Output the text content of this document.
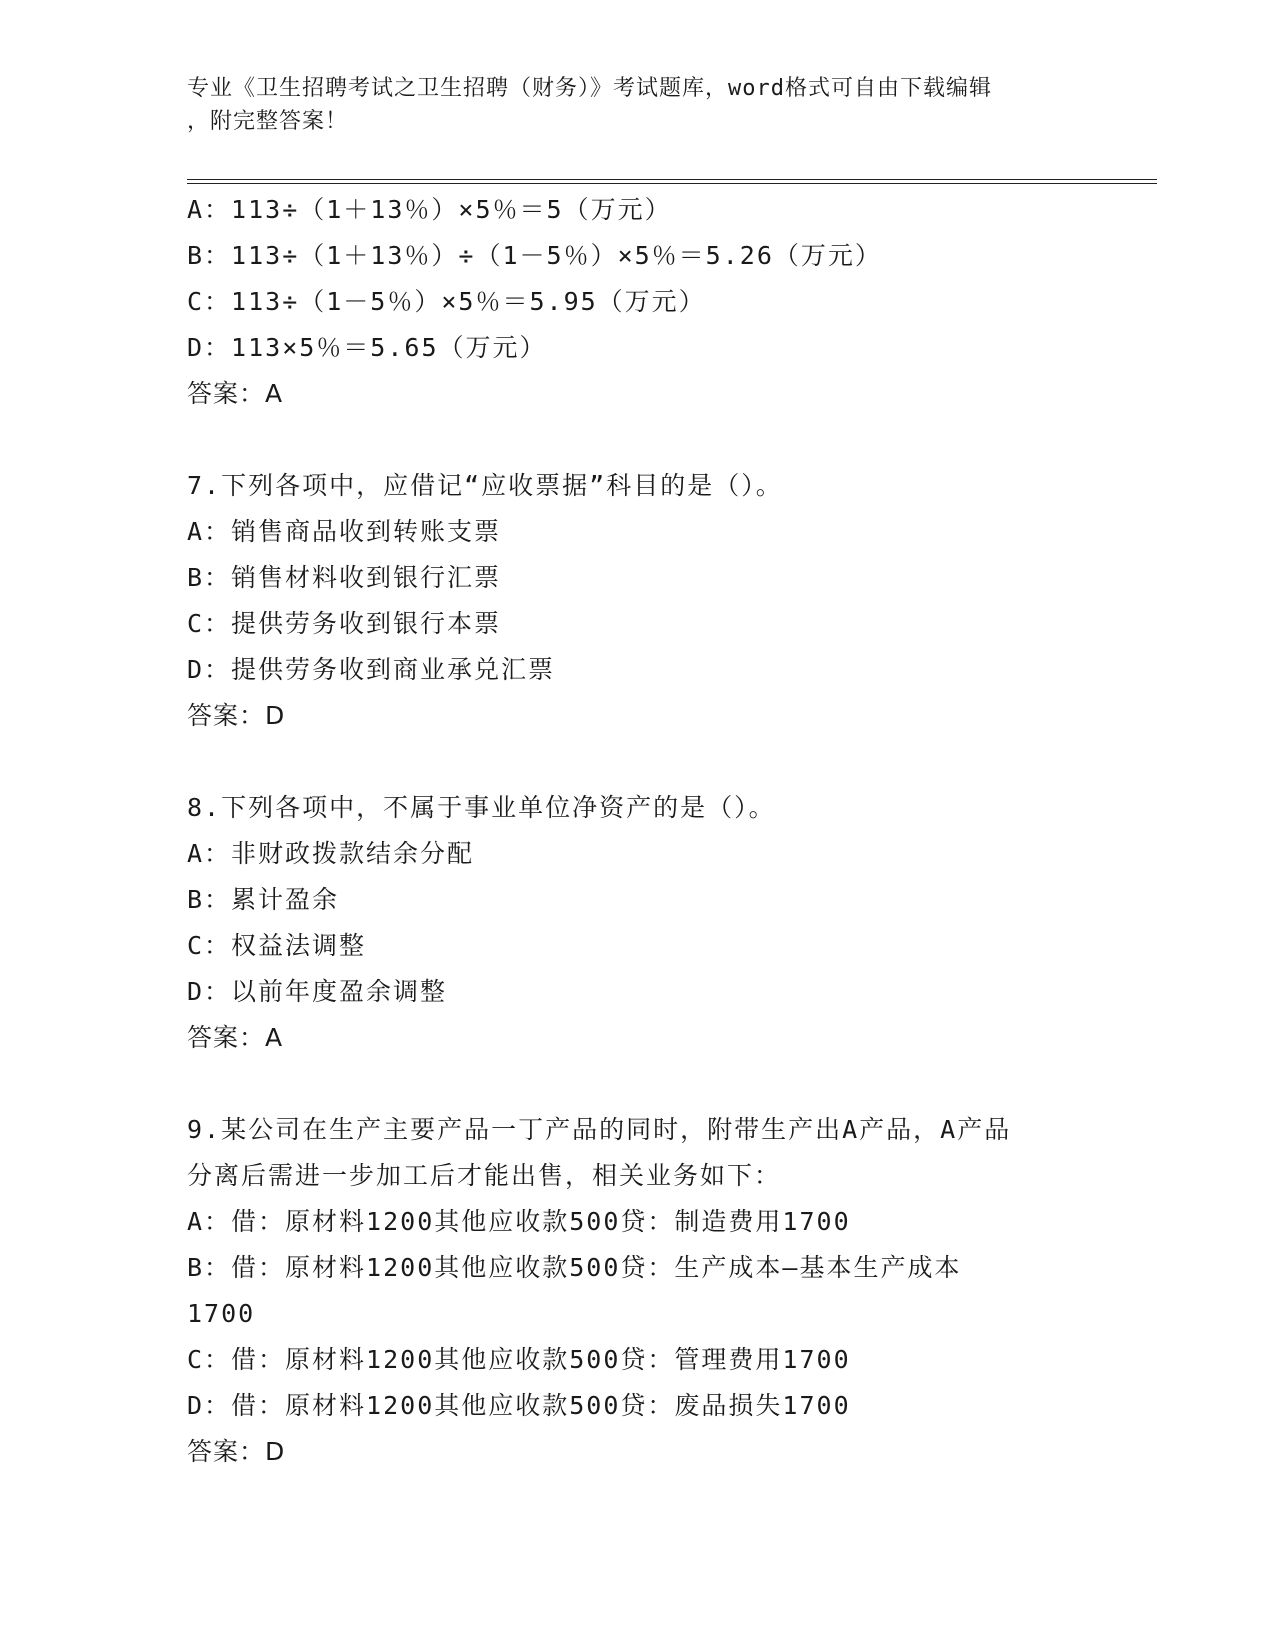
专业《卫生招聘考试之卫生招聘（财务）》考试题库，word格式可自由下载编辑
，附完整答案！
A：113÷（1＋13％）×5％＝5（万元）
B：113÷（1＋13％）÷（1－5％）×5％＝5.26（万元）
C：113÷（1－5％）×5％＝5.95（万元）
D：113×5％＝5.65（万元）
答案：A
7.下列各项中，应借记“应收票据”科目的是（）。
A：销售商品收到转账支票
B：销售材料收到银行汇票
C：提供劳务收到银行本票
D：提供劳务收到商业承兑汇票
答案：D
8.下列各项中，不属于事业单位净资产的是（）。
A：非财政拨款结余分配
B：累计盈余
C：权益法调整
D：以前年度盈余调整
答案：A
9.某公司在生产主要产品一丁产品的同时，附带生产出A产品，A产品
分离后需进一步加工后才能出售，相关业务如下：
A：借：原材料1200其他应收款500贷：制造费用1700
B：借：原材料1200其他应收款500贷：生产成本—基本生产成本
1700
C：借：原材料1200其他应收款500贷：管理费用1700
D：借：原材料1200其他应收款500贷：废品损失1700
答案：D
